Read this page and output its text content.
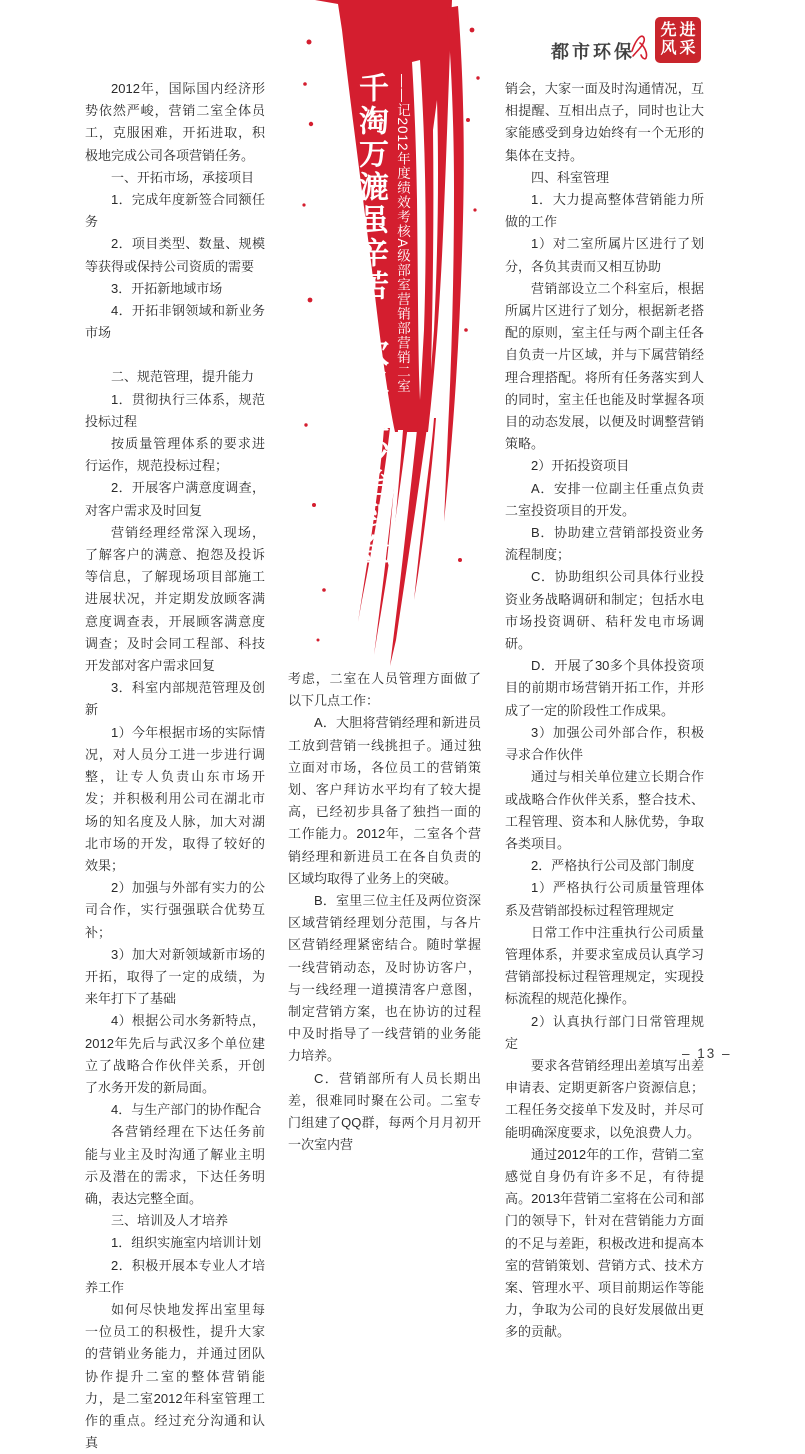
都市环保
先进
风采
千淘万漉虽辛苦　吹尽狂沙始到金 ——记2012年度绩效考核A级部室营销部营销二室

2012年，国际国内经济形势依然严峻，营销二室全体员工，克服困难，开拓进取，积极地完成公司各项营销任务。

一、开拓市场，承接项目

1．完成年度新签合同额任务

2．项目类型、数量、规模等获得或保持公司资质的需要

3．开拓新地域市场

4．开拓非钢领域和新业务市场

二、规范管理，提升能力

1．贯彻执行三体系，规范投标过程

按质量管理体系的要求进行运作，规范投标过程；

2．开展客户满意度调查，对客户需求及时回复

营销经理经常深入现场，了解客户的满意、抱怨及投诉等信息，了解现场项目部施工进展状况，并定期发放顾客满意度调查表，开展顾客满意度调查；及时会同工程部、科技开发部对客户需求回复

3．科室内部规范管理及创新

1）今年根据市场的实际情况，对人员分工进一步进行调整，让专人负责山东市场开发；并积极利用公司在湖北市场的知名度及人脉，加大对湖北市场的开发，取得了较好的效果；

2）加强与外部有实力的公司合作，实行强强联合优势互补；

3）加大对新领域新市场的开拓，取得了一定的成绩，为来年打下了基础

4）根据公司水务新特点，2012年先后与武汉多个单位建立了战略合作伙伴关系，开创了水务开发的新局面。

4．与生产部门的协作配合

各营销经理在下达任务前能与业主及时沟通了解业主明示及潜在的需求，下达任务明确，表达完整全面。

三、培训及人才培养

1．组织实施室内培训计划

2．积极开展本专业人才培养工作

如何尽快地发挥出室里每一位员工的积极性，提升大家的营销业务能力，并通过团队协作提升二室的整体营销能力，是二室2012年科室管理工作的重点。经过充分沟通和认真

考虑，二室在人员管理方面做了以下几点工作：

A．大胆将营销经理和新进员工放到营销一线挑担子。通过独立面对市场，各位员工的营销策划、客户拜访水平均有了较大提高，已经初步具备了独挡一面的工作能力。2012年，二室各个营销经理和新进员工在各自负责的区域均取得了业务上的突破。

B．室里三位主任及两位资深区域营销经理划分范围，与各片区营销经理紧密结合。随时掌握一线营销动态，及时协访客户，与一线经理一道摸清客户意图，制定营销方案，也在协访的过程中及时指导了一线营销的业务能力培养。

C．营销部所有人员长期出差，很难同时聚在公司。二室专门组建了QQ群，每两个月月初开一次室内营

销会，大家一面及时沟通情况，互相提醒、互相出点子，同时也让大家能感受到身边始终有一个无形的集体在支持。

四、科室管理

1．大力提高整体营销能力所做的工作

1）对二室所属片区进行了划分，各负其责而又相互协助

营销部设立二个科室后，根据所属片区进行了划分，根据新老搭配的原则，室主任与两个副主任各自负责一片区域，并与下属营销经理合理搭配。将所有任务落实到人的同时，室主任也能及时掌握各项目的动态发展，以便及时调整营销策略。

2）开拓投资项目

A．安排一位副主任重点负责二室投资项目的开发。

B．协助建立营销部投资业务流程制度；

C．协助组织公司具体行业投资业务战略调研和制定；包括水电市场投资调研、秸秆发电市场调研。

D．开展了30多个具体投资项目的前期市场营销开拓工作，并形成了一定的阶段性工作成果。

3）加强公司外部合作，积极寻求合作伙伴

通过与相关单位建立长期合作或战略合作伙伴关系，整合技术、工程管理、资本和人脉优势，争取各类项目。

2．严格执行公司及部门制度

1）严格执行公司质量管理体系及营销部投标过程管理规定

日常工作中注重执行公司质量管理体系，并要求室成员认真学习营销部投标过程管理规定，实现投标流程的规范化操作。

2）认真执行部门日常管理规定

要求各营销经理出差填写出差申请表、定期更新客户资源信息；工程任务交接单下发及时，并尽可能明确深度要求，以免浪费人力。

通过2012年的工作，营销二室感觉自身仍有许多不足，有待提高。2013年营销二室将在公司和部门的领导下，针对在营销能力方面的不足与差距，积极改进和提高本室的营销策划、营销方式、技术方案、管理水平、项目前期运作等能力，争取为公司的良好发展做出更多的贡献。

– 13 –
